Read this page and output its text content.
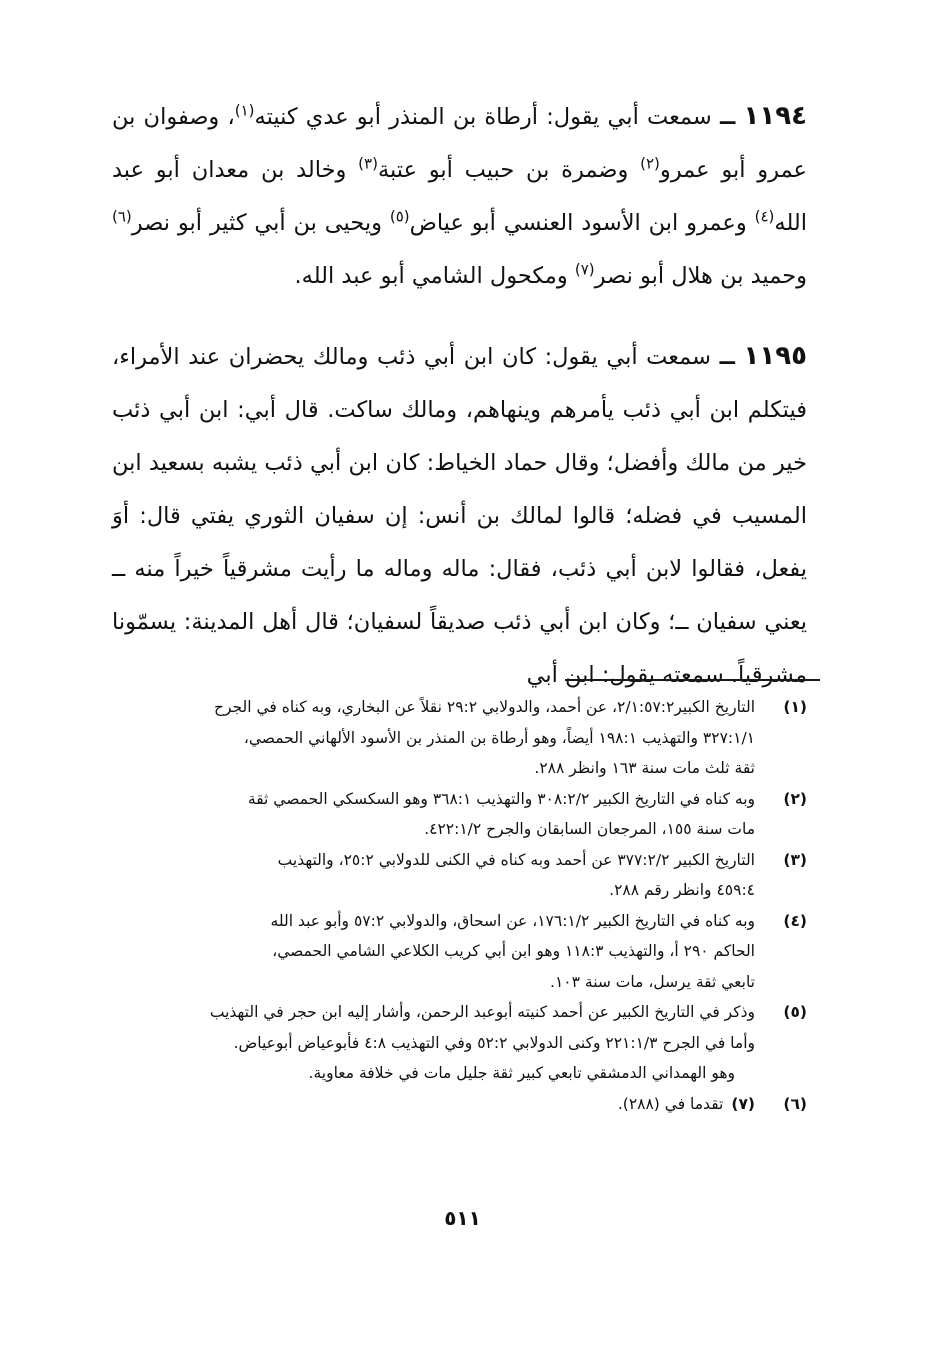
١١٩٤ ــ سمعت أبي يقول: أرطاة بن المنذر أبو عدي كنيته$^{(١)}$، وصفوان بن عمرو أبو عمرو$^{(٢)}$ وضمرة بن حبيب أبو عتبة$^{(٣)}$ وخالد بن معدان أبو عبد الله$^{(٤)}$ وعمرو ابن الأسود العنسي أبو عياض$^{(٥)}$ ويحيى بن أبي كثير أبو نصر$^{(٦)}$ وحميد بن هلال أبو نصر$^{(٧)}$ ومكحول الشامي أبو عبد الله.

١١٩٥ ــ سمعت أبي يقول: كان ابن أبي ذئب ومالك يحضران عند الأمراء، فيتكلم ابن أبي ذئب يأمرهم وينهاهم، ومالك ساكت. قال أبي: ابن أبي ذئب خير من مالك وأفضل؛ وقال حماد الخياط: كان ابن أبي ذئب يشبه بسعيد ابن المسيب في فضله؛ قالوا لمالك بن أنس: إن سفيان الثوري يفتي قال: أوَ يفعل، فقالوا لابن أبي ذئب، فقال: ماله وماله ما رأيت مشرقياً خيراً منه ــ يعني سفيان ــ؛ وكان ابن أبي ذئب صديقاً لسفيان؛ قال أهل المدينة: يسمّونا مشرقياً. سمعته يقول: ابن أبي

(١)
التاريخ الكبير٢/١:٥٧:٢، عن أحمد، والدولابي ٢٩:٢ نقلاً عن البخاري، وبه كناه في الجرح
٣٢٧:١/١ والتهذيب ١٩٨:١ أيضاً، وهو أرطاة بن المنذر بن الأسود الألهاني الحمصي،
ثقة ثلث مات سنة ١٦٣ وانظر ٢٨٨.
(٢)
وبه كناه في التاريخ الكبير ٣٠٨:٢/٢ والتهذيب ٣٦٨:١ وهو السكسكي الحمصي ثقة
مات سنة ١٥٥، المرجعان السابقان والجرح ٤٢٢:١/٢.
(٣)
التاريخ الكبير ٣٧٧:٢/٢ عن أحمد وبه كناه في الكنى للدولابي ٢٥:٢، والتهذيب
٤٥٩:٤ وانظر رقم ٢٨٨.
(٤)
وبه كناه في التاريخ الكبير ١٧٦:١/٢، عن اسحاق، والدولابي ٥٧:٢ وأبو عبد الله
الحاكم ٢٩٠ أ، والتهذيب ١١٨:٣ وهو ابن أبي كريب الكلاعي الشامي الحمصي،
تابعي ثقة يرسل، مات سنة ١٠٣.
(٥)
وذكر في التاريخ الكبير عن أحمد كنيته أبوعبد الرحمن، وأشار إليه ابن حجر في التهذيب
وأما في الجرح ٢٢١:١/٣ وكنى الدولابي ٥٢:٢ وفي التهذيب ٤:٨ فأبوعياض أبوعياض.
وهو الهمداني الدمشقي تابعي كبير ثقة جليل مات في خلافة معاوية.
(٦)
(٧)تقدما في (٢٨٨).
٥١١
